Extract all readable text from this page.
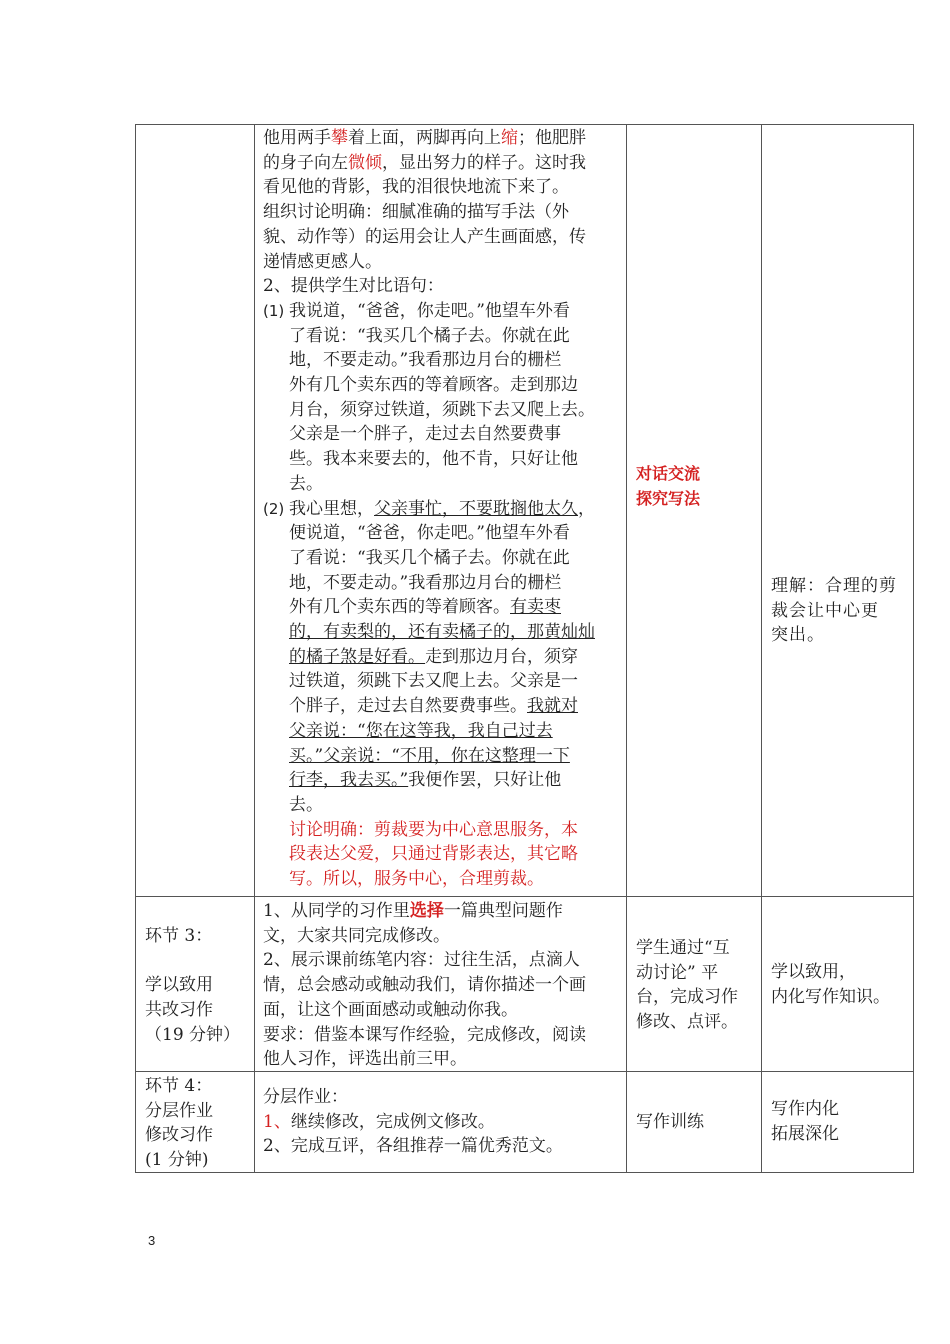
他用两手攀着上面，两脚再向上缩；他肥胖
的身子向左微倾，显出努力的样子。这时我
看见他的背影，我的泪很快地流下来了。
组织讨论明确：细腻准确的描写手法（外
貌、动作等）的运用会让人产生画面感，传
递情感更感人。
2、提供学生对比语句：
(1) 我说道，“爸爸，你走吧。”他望车外看
了看说：“我买几个橘子去。你就在此
地，不要走动。”我看那边月台的栅栏
外有几个卖东西的等着顾客。走到那边
月台，须穿过铁道，须跳下去又爬上去。
父亲是一个胖子，走过去自然要费事
些。我本来要去的，他不肯，只好让他
去。
(2) 我心里想，父亲事忙，不要耽搁他太久，
便说道，“爸爸，你走吧。”他望车外看
了看说：“我买几个橘子去。你就在此
地，不要走动。”我看那边月台的栅栏
外有几个卖东西的等着顾客。有卖枣
的，有卖梨的，还有卖橘子的，那黄灿灿
的橘子煞是好看。走到那边月台，须穿
过铁道，须跳下去又爬上去。父亲是一
个胖子，走过去自然要费事些。我就对
父亲说：“您在这等我，我自己过去
买。”父亲说：“不用，你在这整理一下
行李，我去买。”我便作罢，只好让他
去。
讨论明确：剪裁要为中心意思服务，本
段表达父爱，只通过背影表达，其它略
写。所以，服务中心，合理剪裁。
对话交流
探究写法
理解：合理的剪
裁会让中心更
突出。
环节 3：

学以致用
共改习作
（19 分钟）
1、从同学的习作里选择一篇典型问题作
文，大家共同完成修改。
2、展示课前练笔内容：过往生活，点滴人
情，总会感动或触动我们，请你描述一个画
面，让这个画面感动或触动你我。
要求：借鉴本课写作经验，完成修改，阅读
他人习作，评选出前三甲。
学生通过“互
动讨论” 平
台，完成习作
修改、点评。
学以致用，
内化写作知识。
环节 4：
分层作业
修改习作
(1 分钟)
分层作业：
1、继续修改，完成例文修改。
2、完成互评，各组推荐一篇优秀范文。
写作训练
写作内化
拓展深化
3
